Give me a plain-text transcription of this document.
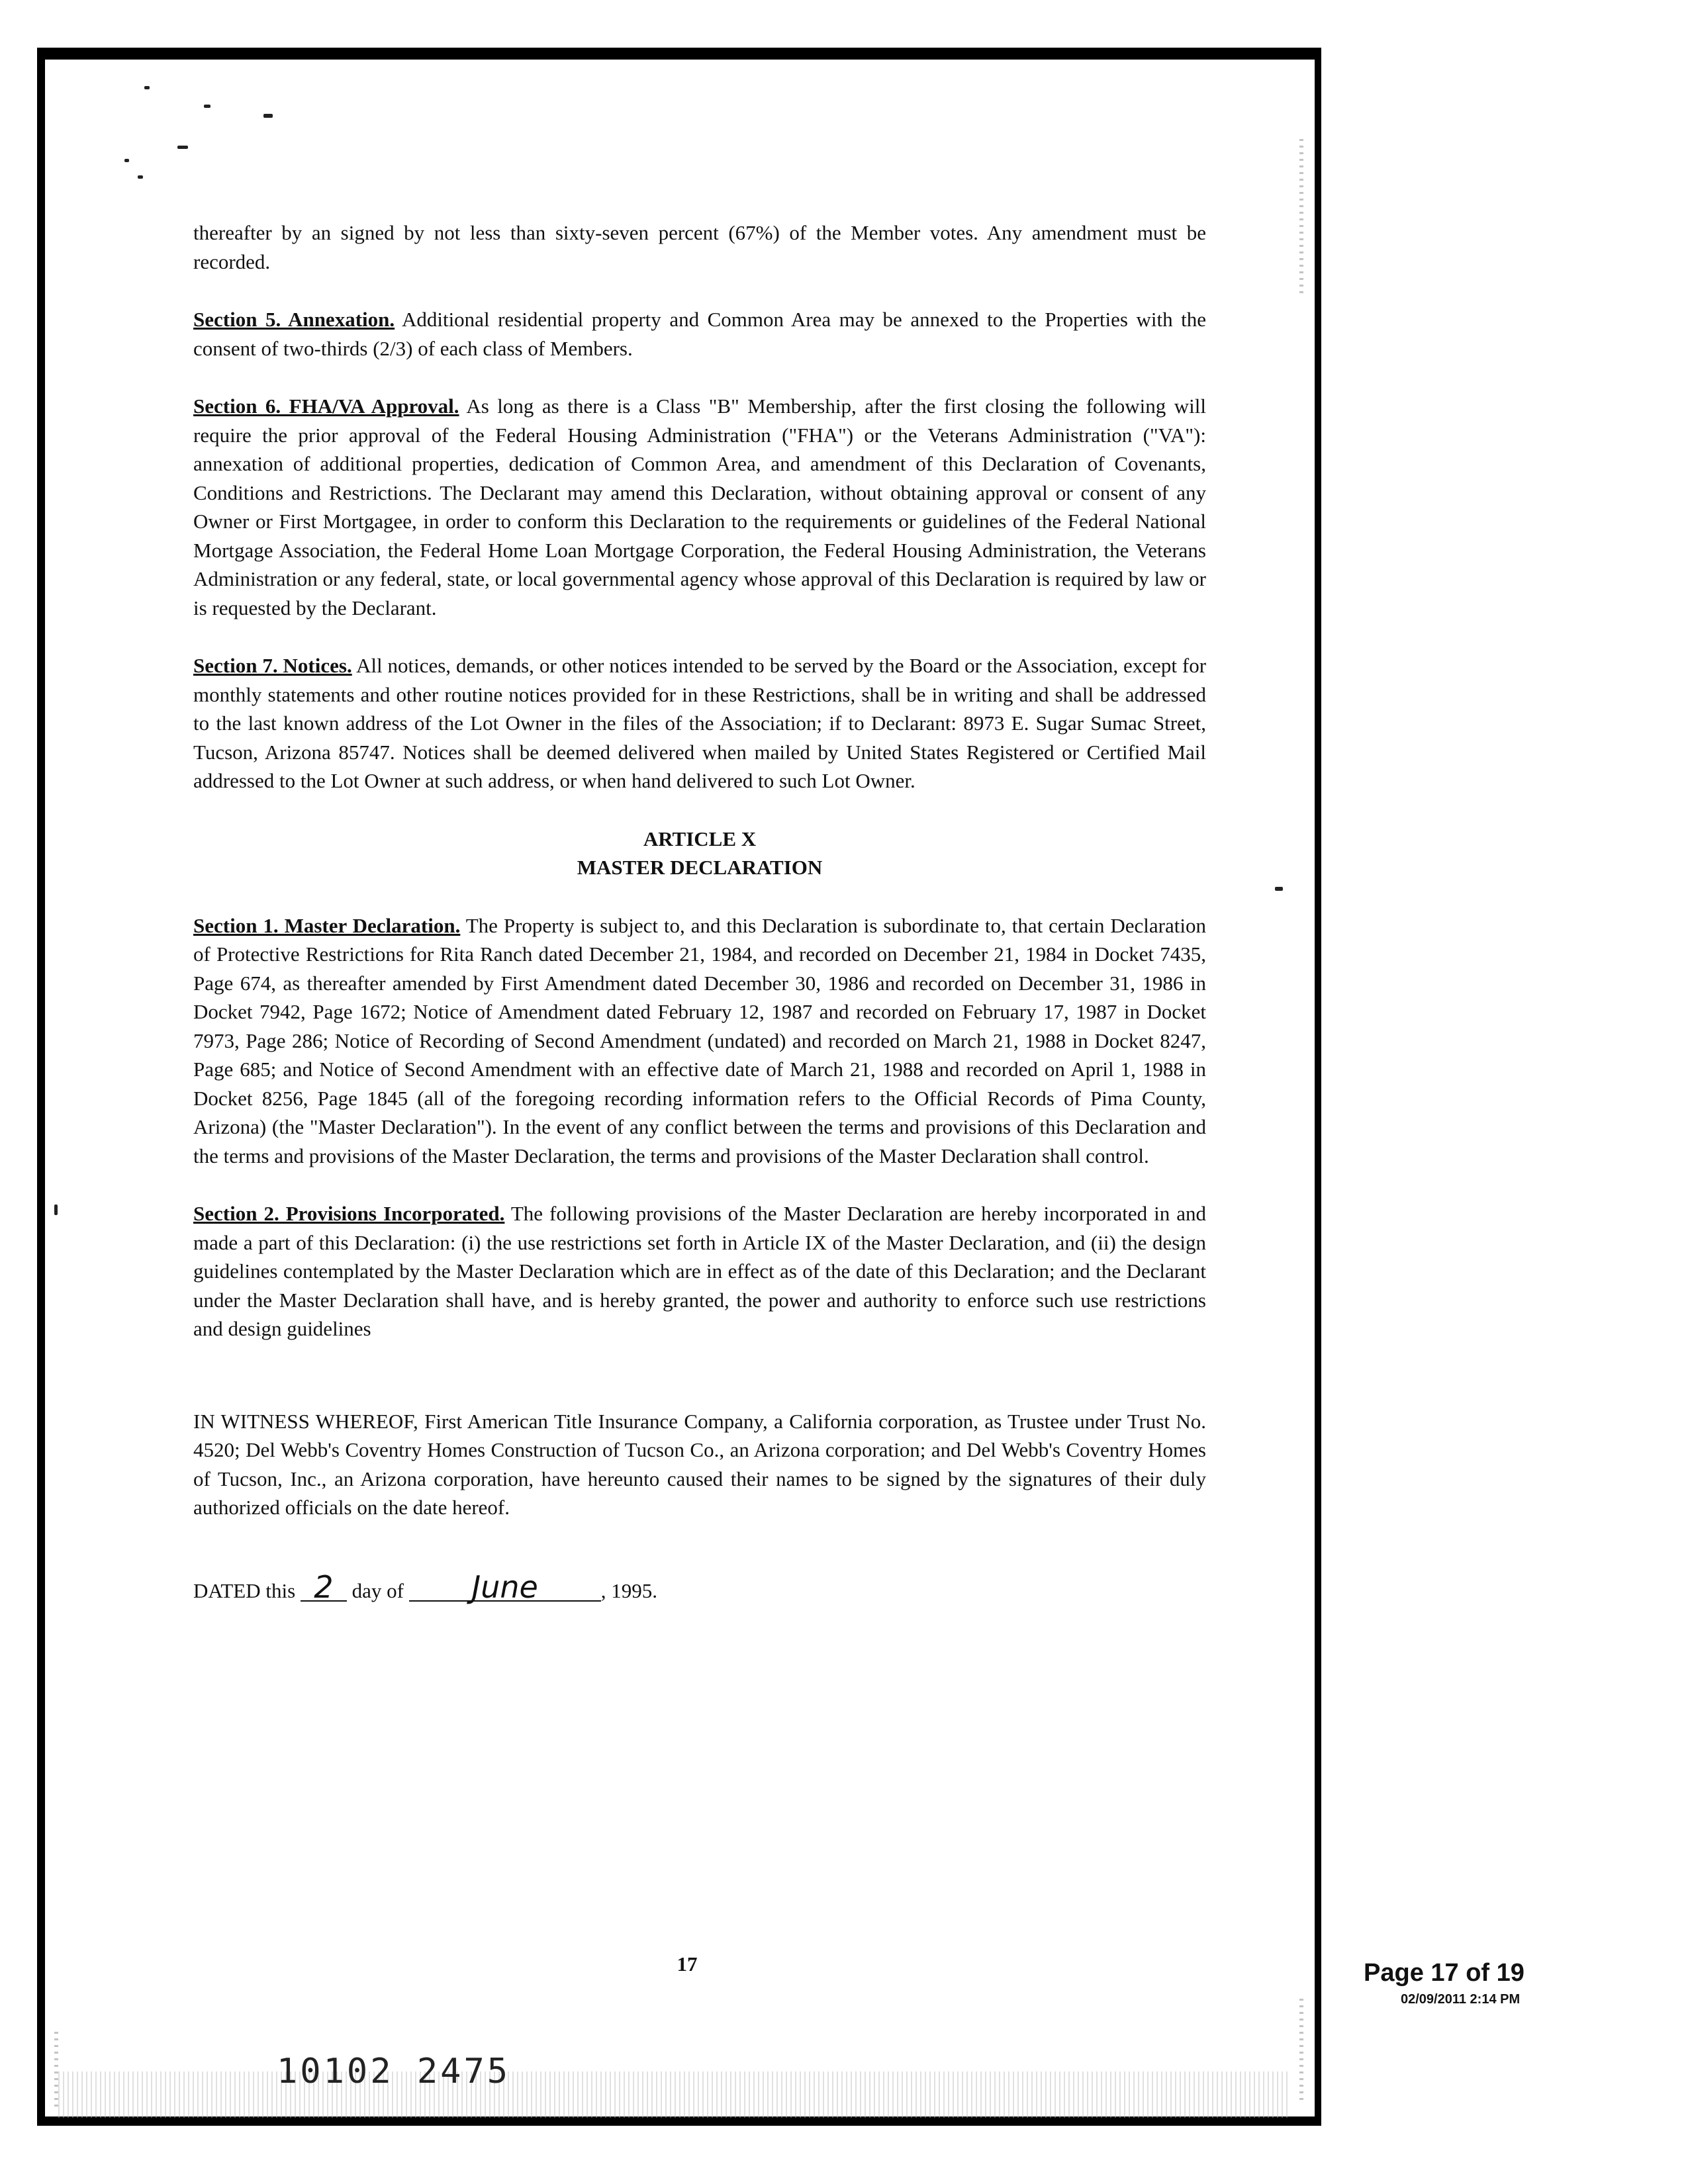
thereafter by an signed by not less than sixty-seven percent (67%) of the Member votes. Any amendment must be recorded.

Section 5. Annexation. Additional residential property and Common Area may be annexed to the Properties with the consent of two-thirds (2/3) of each class of Members.

Section 6. FHA/VA Approval. As long as there is a Class "B" Membership, after the first closing the following will require the prior approval of the Federal Housing Administration ("FHA") or the Veterans Administration ("VA"): annexation of additional properties, dedication of Common Area, and amendment of this Declaration of Covenants, Conditions and Restrictions. The Declarant may amend this Declaration, without obtaining approval or consent of any Owner or First Mortgagee, in order to conform this Declaration to the requirements or guidelines of the Federal National Mortgage Association, the Federal Home Loan Mortgage Corporation, the Federal Housing Administration, the Veterans Administration or any federal, state, or local governmental agency whose approval of this Declaration is required by law or is requested by the Declarant.

Section 7. Notices. All notices, demands, or other notices intended to be served by the Board or the Association, except for monthly statements and other routine notices provided for in these Restrictions, shall be in writing and shall be addressed to the last known address of the Lot Owner in the files of the Association; if to Declarant: 8973 E. Sugar Sumac Street, Tucson, Arizona 85747. Notices shall be deemed delivered when mailed by United States Registered or Certified Mail addressed to the Lot Owner at such address, or when hand delivered to such Lot Owner.

ARTICLE X

MASTER DECLARATION

Section 1. Master Declaration. The Property is subject to, and this Declaration is subordinate to, that certain Declaration of Protective Restrictions for Rita Ranch dated December 21, 1984, and recorded on December 21, 1984 in Docket 7435, Page 674, as thereafter amended by First Amendment dated December 30, 1986 and recorded on December 31, 1986 in Docket 7942, Page 1672; Notice of Amendment dated February 12, 1987 and recorded on February 17, 1987 in Docket 7973, Page 286; Notice of Recording of Second Amendment (undated) and recorded on March 21, 1988 in Docket 8247, Page 685; and Notice of Second Amendment with an effective date of March 21, 1988 and recorded on April 1, 1988 in Docket 8256, Page 1845 (all of the foregoing recording information refers to the Official Records of Pima County, Arizona) (the "Master Declaration"). In the event of any conflict between the terms and provisions of this Declaration and the terms and provisions of the Master Declaration, the terms and provisions of the Master Declaration shall control.

Section 2. Provisions Incorporated. The following provisions of the Master Declaration are hereby incorporated in and made a part of this Declaration: (i) the use restrictions set forth in Article IX of the Master Declaration, and (ii) the design guidelines contemplated by the Master Declaration which are in effect as of the date of this Declaration; and the Declarant under the Master Declaration shall have, and is hereby granted, the power and authority to enforce such use restrictions and design guidelines

IN WITNESS WHEREOF, First American Title Insurance Company, a California corporation, as Trustee under Trust No. 4520; Del Webb's Coventry Homes Construction of Tucson Co., an Arizona corporation; and Del Webb's Coventry Homes of Tucson, Inc., an Arizona corporation, have hereunto caused their names to be signed by the signatures of their duly authorized officials on the date hereof.

DATED this 2 day of June	, 1995.

17
10102 2475
Page 17 of 19
02/09/2011 2:14 PM
